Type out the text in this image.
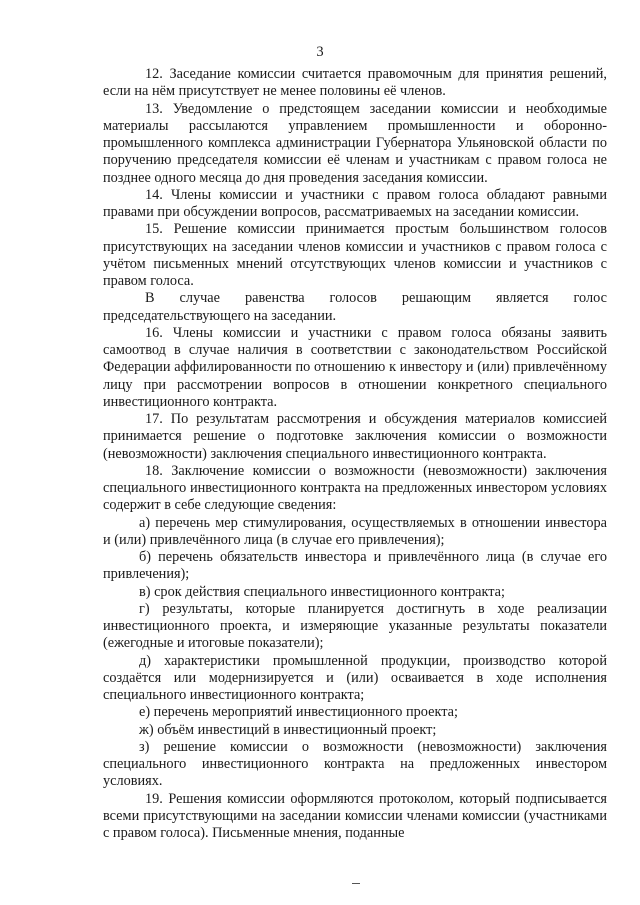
3

12. Заседание комиссии считается правомочным для принятия решений, если на нём присутствует не менее половины её членов.

13. Уведомление о предстоящем заседании комиссии и необходимые материалы рассылаются управлением промышленности и оборонно-промышленного комплекса администрации Губернатора Ульяновской области по поручению председателя комиссии её членам и участникам с правом голоса не позднее одного месяца до дня проведения заседания комиссии.

14. Члены комиссии и участники с правом голоса обладают равными правами при обсуждении вопросов, рассматриваемых на заседании комиссии.

15. Решение комиссии принимается простым большинством голосов присутствующих на заседании членов комиссии и участников с правом голоса с учётом письменных мнений отсутствующих членов комиссии и участников с правом голоса.

В случае равенства голосов решающим является голос председательствующего на заседании.

16. Члены комиссии и участники с правом голоса обязаны заявить самоотвод в случае наличия в соответствии с законодательством Российской Федерации аффилированности по отношению к инвестору и (или) привлечённому лицу при рассмотрении вопросов в отношении конкретного специального инвестиционного контракта.

17. По результатам рассмотрения и обсуждения материалов комиссией принимается решение о подготовке заключения комиссии о возможности (невозможности) заключения специального инвестиционного контракта.

18. Заключение комиссии о возможности (невозможности) заключения специального инвестиционного контракта на предложенных инвестором условиях содержит в себе следующие сведения:

а) перечень мер стимулирования, осуществляемых в отношении инвестора и (или) привлечённого лица (в случае его привлечения);

б) перечень обязательств инвестора и привлечённого лица (в случае его привлечения);

в) срок действия специального инвестиционного контракта;

г) результаты, которые планируется достигнуть в ходе реализации инвестиционного проекта, и измеряющие указанные результаты показатели (ежегодные и итоговые показатели);

д) характеристики промышленной продукции, производство которой создаётся или модернизируется и (или) осваивается в ходе исполнения специального инвестиционного контракта;

е) перечень мероприятий инвестиционного проекта;

ж) объём инвестиций в инвестиционный проект;

з) решение комиссии о возможности (невозможности) заключения специального инвестиционного контракта на предложенных инвестором условиях.

19. Решения комиссии оформляются протоколом, который подписывается всеми присутствующими на заседании комиссии членами комиссии (участниками с правом голоса). Письменные мнения, поданные
